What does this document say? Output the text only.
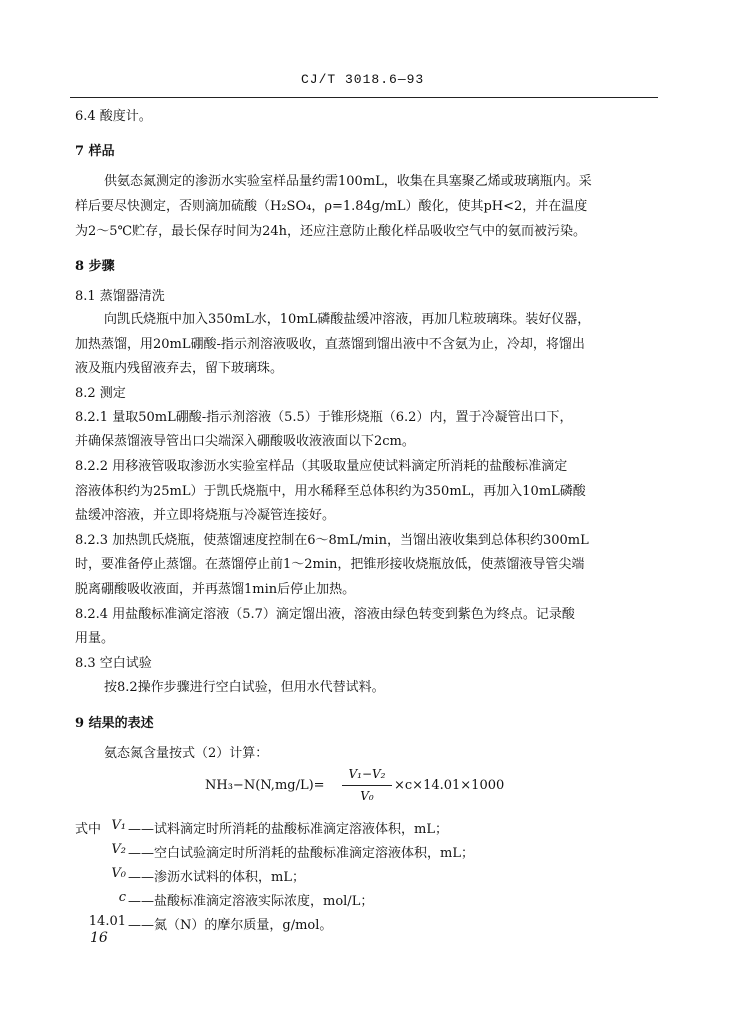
CJ/T 3018.6—93
6.4 酸度计。
7 样品
供氨态氮测定的渗沥水实验室样品量约需100mL，收集在具塞聚乙烯或玻璃瓶内。采
样后要尽快测定，否则滴加硫酸（H₂SO₄，ρ=1.84g/mL）酸化，使其pH<2，并在温度
为2～5℃贮存，最长保存时间为24h，还应注意防止酸化样品吸收空气中的氨而被污染。
8 步骤
8.1 蒸馏器清洗
向凯氏烧瓶中加入350mL水，10mL磷酸盐缓冲溶液，再加几粒玻璃珠。装好仪器，
加热蒸馏，用20mL硼酸-指示剂溶液吸收，直蒸馏到馏出液中不含氨为止，冷却，将馏出
液及瓶内残留液弃去，留下玻璃珠。
8.2 测定
8.2.1 量取50mL硼酸-指示剂溶液（5.5）于锥形烧瓶（6.2）内，置于冷凝管出口下，
并确保蒸馏液导管出口尖端深入硼酸吸收液液面以下2cm。
8.2.2 用移液管吸取渗沥水实验室样品（其吸取量应使试料滴定所消耗的盐酸标准滴定
溶液体积约为25mL）于凯氏烧瓶中，用水稀释至总体积约为350mL，再加入10mL磷酸
盐缓冲溶液，并立即将烧瓶与冷凝管连接好。
8.2.3 加热凯氏烧瓶，使蒸馏速度控制在6～8mL/min，当馏出液收集到总体积约300mL
时，要准备停止蒸馏。在蒸馏停止前1～2min，把锥形接收烧瓶放低，使蒸馏液导管尖端
脱离硼酸吸收液面，并再蒸馏1min后停止加热。
8.2.4 用盐酸标准滴定溶液（5.7）滴定馏出液，溶液由绿色转变到紫色为终点。记录酸
用量。
8.3 空白试验
按8.2操作步骤进行空白试验，但用水代替试料。
9 结果的表述
氨态氮含量按式（2）计算：
NH₃−N(N,mg/L)=
V₁−V₂
V₀
×c×14.01×1000
式中 V₁ ——试料滴定时所消耗的盐酸标准滴定溶液体积，mL；
V₂ ——空白试验滴定时所消耗的盐酸标准滴定溶液体积，mL；
V₀ ——渗沥水试料的体积，mL；
c ——盐酸标准滴定溶液实际浓度，mol/L；
14.01 ——氮（N）的摩尔质量，g/mol。
16
